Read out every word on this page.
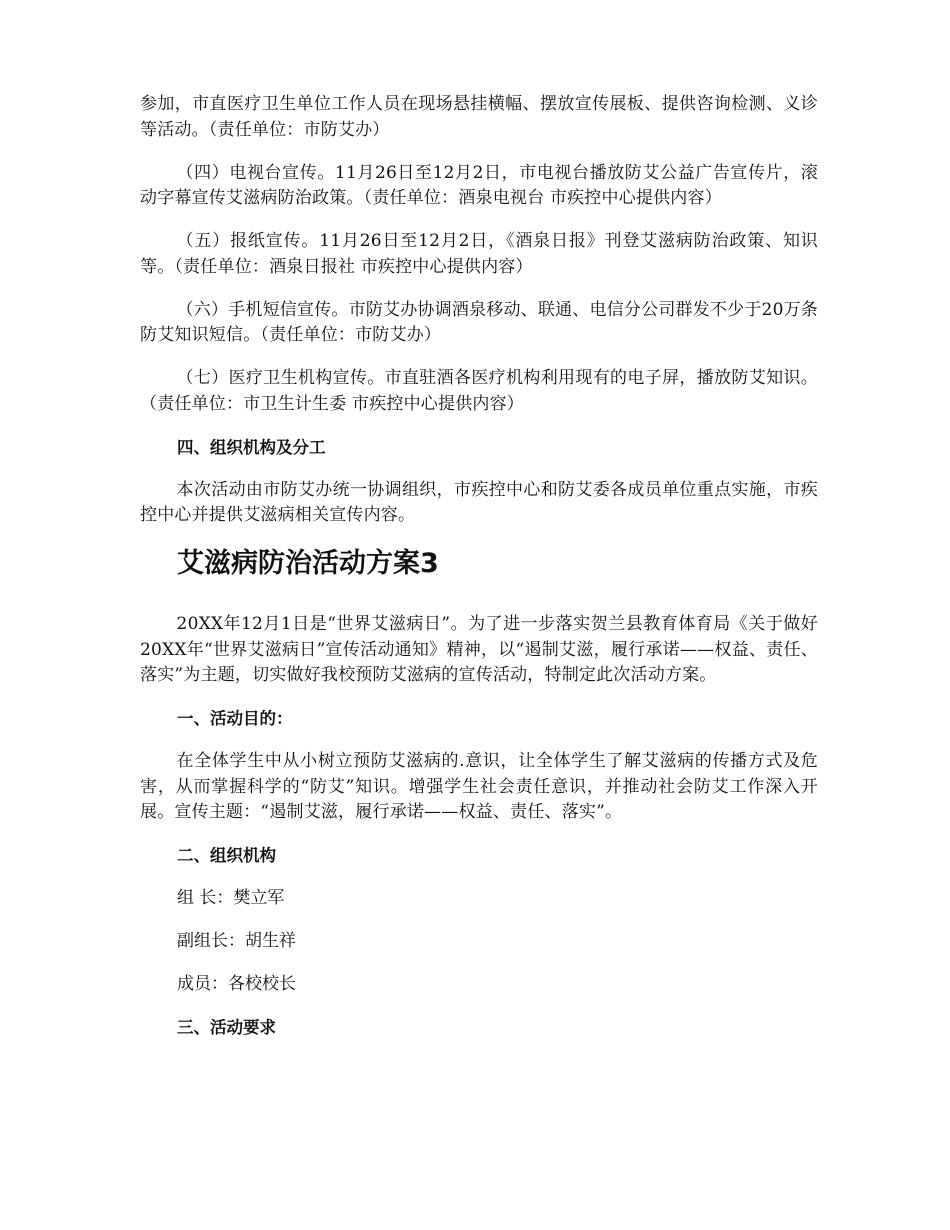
参加，市直医疗卫生单位工作人员在现场悬挂横幅、摆放宣传展板、提供咨询检测、义诊等活动。（责任单位：市防艾办）

（四）电视台宣传。11月26日至12月2日，市电视台播放防艾公益广告宣传片，滚动字幕宣传艾滋病防治政策。（责任单位：酒泉电视台 市疾控中心提供内容）

（五）报纸宣传。11月26日至12月2日，《酒泉日报》刊登艾滋病防治政策、知识等。（责任单位：酒泉日报社 市疾控中心提供内容）

（六）手机短信宣传。市防艾办协调酒泉移动、联通、电信分公司群发不少于20万条防艾知识短信。（责任单位：市防艾办）

（七）医疗卫生机构宣传。市直驻酒各医疗机构利用现有的电子屏，播放防艾知识。（责任单位：市卫生计生委 市疾控中心提供内容）

四、组织机构及分工

本次活动由市防艾办统一协调组织，市疾控中心和防艾委各成员单位重点实施，市疾控中心并提供艾滋病相关宣传内容。

艾滋病防治活动方案3

20XX年12月1日是“世界艾滋病日”。为了进一步落实贺兰县教育体育局《关于做好20XX年“世界艾滋病日”宣传活动通知》精神，以“遏制艾滋，履行承诺——权益、责任、落实”为主题，切实做好我校预防艾滋病的宣传活动，特制定此次活动方案。

一、活动目的：

在全体学生中从小树立预防艾滋病的.意识，让全体学生了解艾滋病的传播方式及危害，从而掌握科学的“防艾”知识。增强学生社会责任意识，并推动社会防艾工作深入开展。宣传主题：“遏制艾滋，履行承诺——权益、责任、落实”。

二、组织机构
组 长：樊立军
副组长：胡生祥
成员：各校校长
三、活动要求
